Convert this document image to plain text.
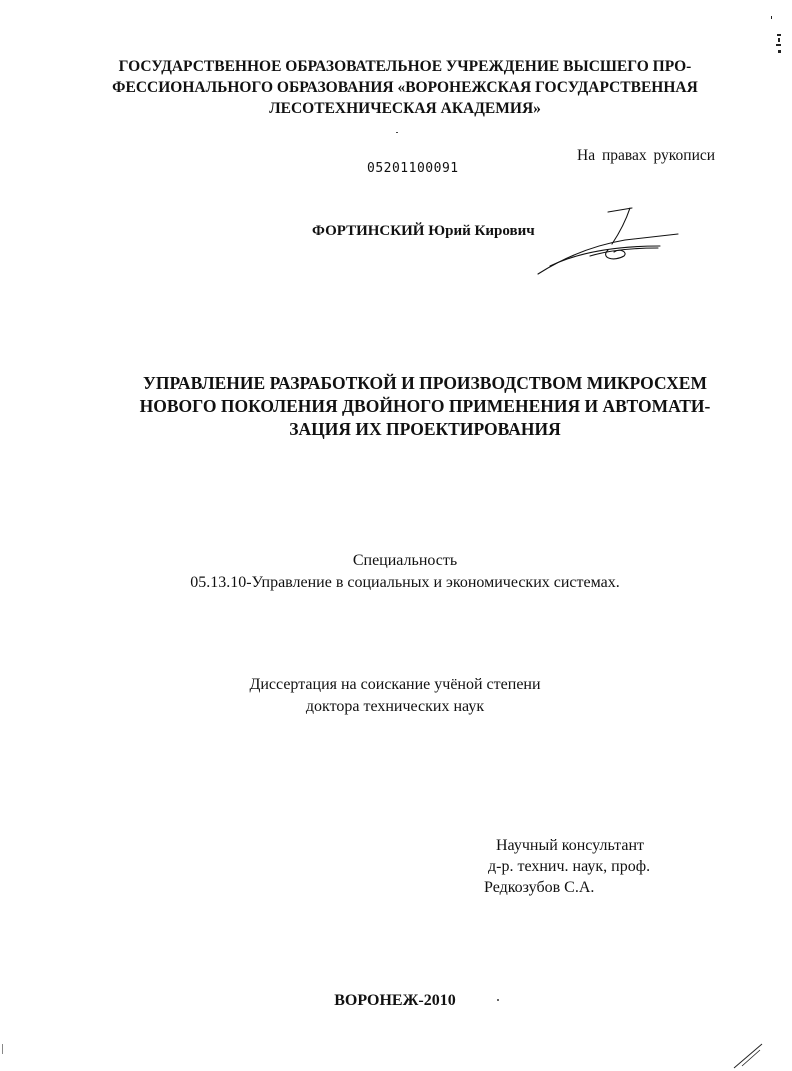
ГОСУДАРСТВЕННОЕ ОБРАЗОВАТЕЛЬНОЕ УЧРЕЖДЕНИЕ ВЫСШЕГО ПРО-
ФЕССИОНАЛЬНОГО ОБРАЗОВАНИЯ «ВОРОНЕЖСКАЯ ГОСУДАРСТВЕННАЯ
ЛЕСОТЕХНИЧЕСКАЯ АКАДЕМИЯ»
На правах рукописи
05201100091
ФОРТИНСКИЙ Юрий Кирович
УПРАВЛЕНИЕ РАЗРАБОТКОЙ И ПРОИЗВОДСТВОМ МИКРОСХЕМ
НОВОГО ПОКОЛЕНИЯ ДВОЙНОГО ПРИМЕНЕНИЯ И АВТОМАТИ-
ЗАЦИЯ ИХ ПРОЕКТИРОВАНИЯ
Специальность
05.13.10-Управление в социальных и экономических системах.
Диссертация на соискание учёной степени
доктора технических наук
Научный консультант
д-р. технич. наук, проф.
Редкозубов С.А.
ВОРОНЕЖ-2010
